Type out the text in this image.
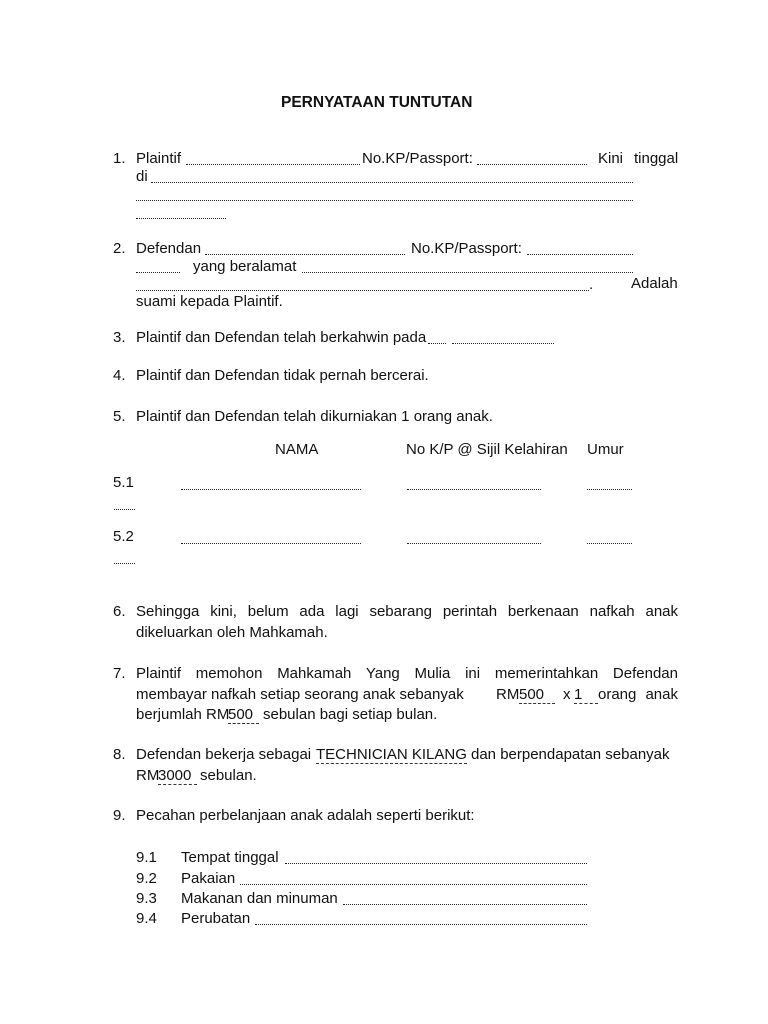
PERNYATAAN TUNTUTAN
1. Plaintif	No.KP/Passport:	Kini tinggal
di
2. Defendan	No.KP/Passport:
yang beralamat
.	Adalah
suami kepada Plaintif.
3. Plaintif dan Defendan telah berkahwin pada
4. Plaintif dan Defendan tidak pernah bercerai.
5. Plaintif dan Defendan telah dikurniakan 1 orang anak.
NAMA	No K/P @ Sijil Kelahiran Umur
5.1
5.2
6. Sehingga kini, belum ada lagi sebarang perintah berkenaan nafkah anak
dikeluarkan oleh Mahkamah.
7. Plaintif memohon Mahkamah Yang Mulia ini memerintahkan Defendan
membayar nafkah setiap seorang anak sebanyak RM 500	x 1	orang anak
berjumlah RM
500 sebulan bagi setiap bulan.
8. Defendan bekerja sebagai TECHNICIAN KILANG dan berpendapatan sebanyak
RM
3000 sebulan.
9. Pecahan perbelanjaan anak adalah seperti berikut:
9.1 Tempat tinggal
9.2 Pakaian
9.3 Makanan dan minuman
9.4 Perubatan
